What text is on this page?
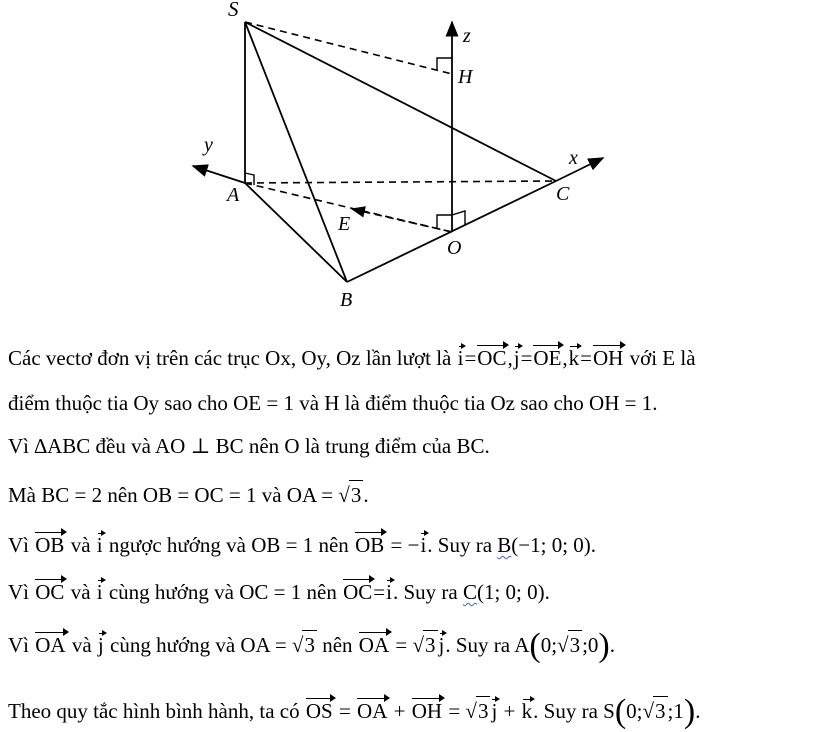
S
A
B
C
O
E
H
x
y
z
Các vectơ đơn vị trên các trục Ox, Oy, Oz lần lượt là i=OC,j=OE,k=OH với E là
điểm thuộc tia Oy sao cho OE = 1 và H là điểm thuộc tia Oz sao cho OH = 1.
Vì ∆ABC đều và AO ⊥ BC nên O là trung điểm của BC.
Mà BC = 2 nên OB = OC = 1 và OA = √3.
Vì OB và i ngược hướng và OB = 1 nên OB = −i. Suy ra B(−1; 0; 0).
Vì OC và i cùng hướng và OC = 1 nên OC=i. Suy ra C(1; 0; 0).
Vì OA và j cùng hướng và OA = √3 nên OA = √3 j. Suy ra A(0;√3;0).
Theo quy tắc hình bình hành, ta có OS = OA + OH = √3 j + k. Suy ra S(0;√3;1).
